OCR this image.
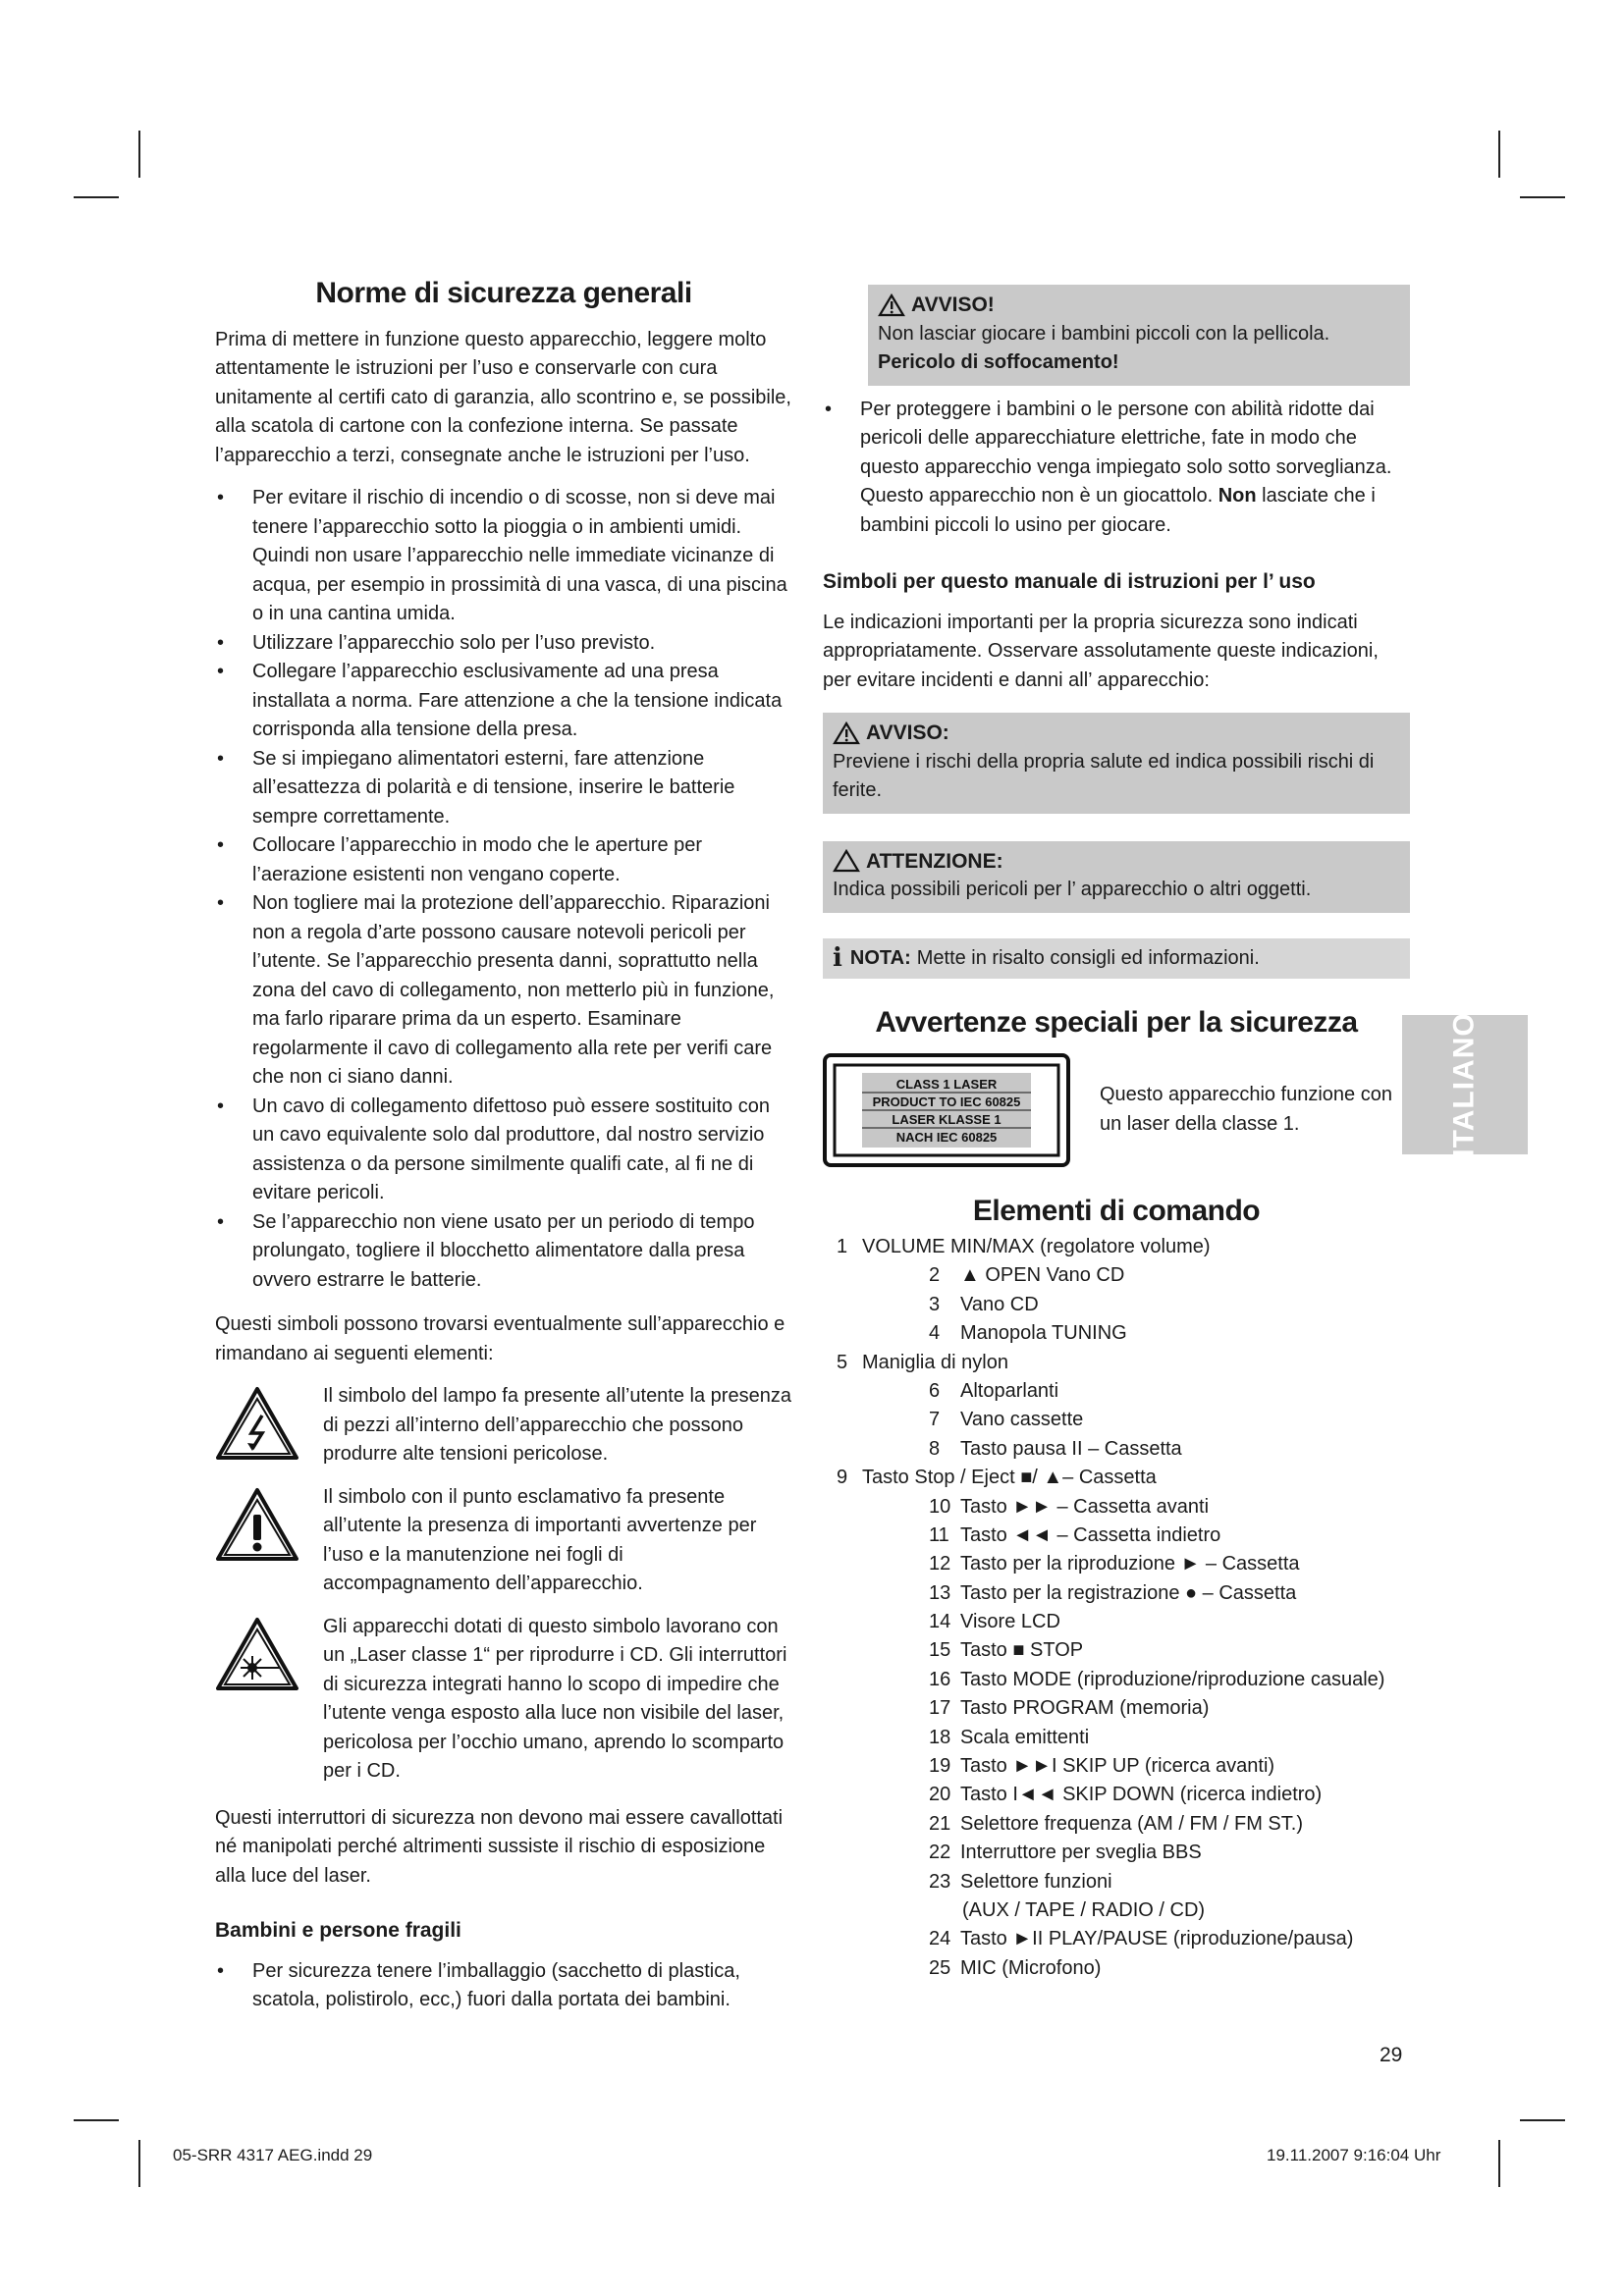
Norme di sicurezza generali

Prima di mettere in funzione questo apparecchio, leggere molto attentamente le istruzioni per l’uso e conservarle con cura unitamente al certifi cato di garanzia, allo scontrino e, se possibile, alla scatola di cartone con la confezione interna. Se passate l’apparecchio a terzi, consegnate anche le istruzioni per l’uso.

• Per evitare il rischio di incendio o di scosse, non si deve mai tenere l’apparecchio sotto la pioggia o in ambienti umidi. Quindi non usare l’apparecchio nelle immediate vicinanze di acqua, per esempio in prossimità di una vasca, di una piscina o in una cantina umida.
• Utilizzare l’apparecchio solo per l’uso previsto.
• Collegare l’apparecchio esclusivamente ad una presa installata a norma. Fare attenzione a che la tensione indicata corrisponda alla tensione della presa.
• Se si impiegano alimentatori esterni, fare attenzione all’esattezza di polarità e di tensione, inserire le batterie sempre correttamente.
• Collocare l’apparecchio in modo che le aperture per l’aerazione esistenti non vengano coperte.
• Non togliere mai la protezione dell’apparecchio. Riparazioni non a regola d’arte possono causare notevoli pericoli per l’utente. Se l’apparecchio presenta danni, soprattutto nella zona del cavo di collegamento, non metterlo più in funzione, ma farlo riparare prima da un esperto. Esaminare regolarmente il cavo di collegamento alla rete per verifi care che non ci siano danni.
• Un cavo di collegamento difettoso può essere sostituito con un cavo equivalente solo dal produttore, dal nostro servizio assistenza o da persone similmente qualifi cate, al fi ne di evitare pericoli.
• Se l’apparecchio non viene usato per un periodo di tempo prolungato, togliere il blocchetto alimentatore dalla presa ovvero estrarre le batterie.

Questi simboli possono trovarsi eventualmente sull’apparecchio e rimandano ai seguenti elementi:

Il simbolo del lampo fa presente all’utente la presenza di pezzi all’interno dell’apparecchio che possono produrre alte tensioni pericolose.
Il simbolo con il punto esclamativo fa presente all’utente la presenza di importanti avvertenze per l’uso e la manutenzione nei fogli di accompagnamento dell’apparecchio.
Gli apparecchi dotati di questo simbolo lavorano con un „Laser classe 1“ per riprodurre i CD. Gli interruttori di sicurezza integrati hanno lo scopo di impedire che l’utente venga esposto alla luce non visibile del laser, pericolosa per l’occhio umano, aprendo lo scomparto per i CD.

Questi interruttori di sicurezza non devono mai essere cavallottati né manipolati perché altrimenti sussiste il rischio di esposizione alla luce del laser.

Bambini e persone fragili
• Per sicurezza tenere l’imballaggio (sacchetto di plastica, scatola, polistirolo, ecc,) fuori dalla portata dei bambini.
AVVISO!
Non lasciar giocare i bambini piccoli con la pellicola.
Pericolo di soffocamento!
• Per proteggere i bambini o le persone con abilità ridotte dai pericoli delle apparecchiature elettriche, fate in modo che questo apparecchio venga impiegato solo sotto sorveglianza. Questo apparecchio non è un giocattolo. Non lasciate che i bambini piccoli lo usino per giocare.
Simboli per questo manuale di istruzioni per l’ uso

Le indicazioni importanti per la propria sicurezza sono indicati appropriatamente. Osservare assolutamente queste indicazioni, per evitare incidenti e danni all’ apparecchio:

AVVISO:
Previene i rischi della propria salute ed indica possibili rischi di ferite.
ATTENZIONE:
Indica possibili pericoli per l’ apparecchio o altri oggetti.
i NOTA: Mette in risalto consigli ed informazioni.
Avvertenze speciali per la sicurezza
CLASS 1 LASER
PRODUCT TO IEC 60825
LASER KLASSE 1
NACH IEC 60825
Questo apparecchio funzione con un laser della classe 1.
Elementi di comando
1 VOLUME MIN/MAX (regolatore volume)
2 ▲ OPEN Vano CD
3 Vano CD
4 Manopola TUNING
5 Maniglia di nylon
6 Altoparlanti
7 Vano cassette
8 Tasto pausa II – Cassetta
9 Tasto Stop / Eject ■/ ▲– Cassetta
10 Tasto ►► – Cassetta avanti
11 Tasto ◄◄ – Cassetta indietro
12 Tasto per la riproduzione ► – Cassetta
13 Tasto per la registrazione ● – Cassetta
14 Visore LCD
15 Tasto ■ STOP
16 Tasto MODE (riproduzione/riproduzione casuale)
17 Tasto PROGRAM (memoria)
18 Scala emittenti
19 Tasto ►►I SKIP UP (ricerca avanti)
20 Tasto I◄◄ SKIP DOWN (ricerca indietro)
21 Selettore frequenza (AM / FM / FM ST.)
22 Interruttore per sveglia BBS
23 Selettore funzioni
(AUX / TAPE / RADIO / CD)
24 Tasto ►II PLAY/PAUSE (riproduzione/pausa)
25 MIC (Microfono)
ITALIANO
29
05-SRR 4317 AEG.indd 29	19.11.2007 9:16:04 Uhr
